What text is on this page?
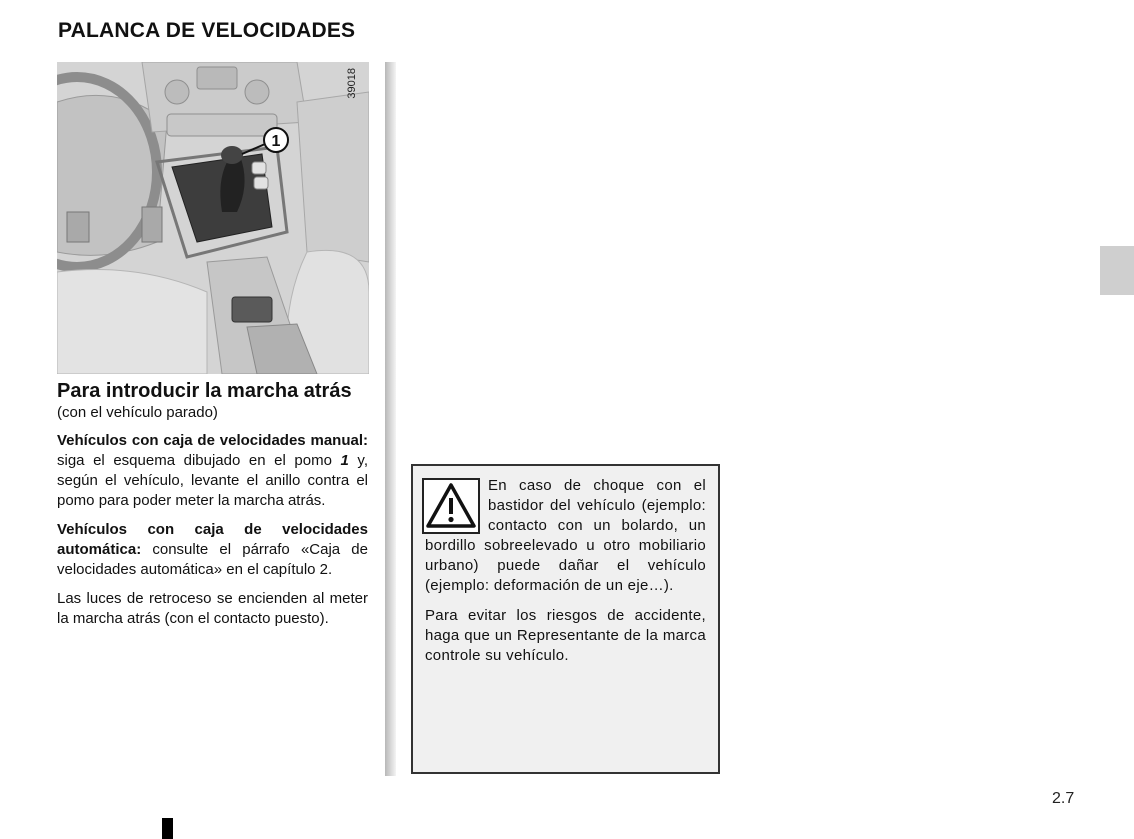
PALANCA DE VELOCIDADES
1
39018
Para introducir la marcha atrás
(con el vehículo parado)

Vehículos con caja de velocidades manual: siga el esquema dibujado en el pomo 1 y, según el vehículo, levante el anillo contra el pomo para poder meter la marcha atrás.

Vehículos con caja de velocidades automática: consulte el párrafo «Caja de velocidades automática» en el capítulo 2.

Las luces de retroceso se encienden al meter la marcha atrás (con el contacto puesto).

En caso de choque con el bastidor del vehículo (ejemplo: contacto con un bolardo, un bordillo sobreelevado u otro mobiliario urbano) puede dañar el vehículo (ejemplo: deformación de un eje…).

Para evitar los riesgos de accidente, haga que un Representante de la marca controle su vehículo.

2.7
